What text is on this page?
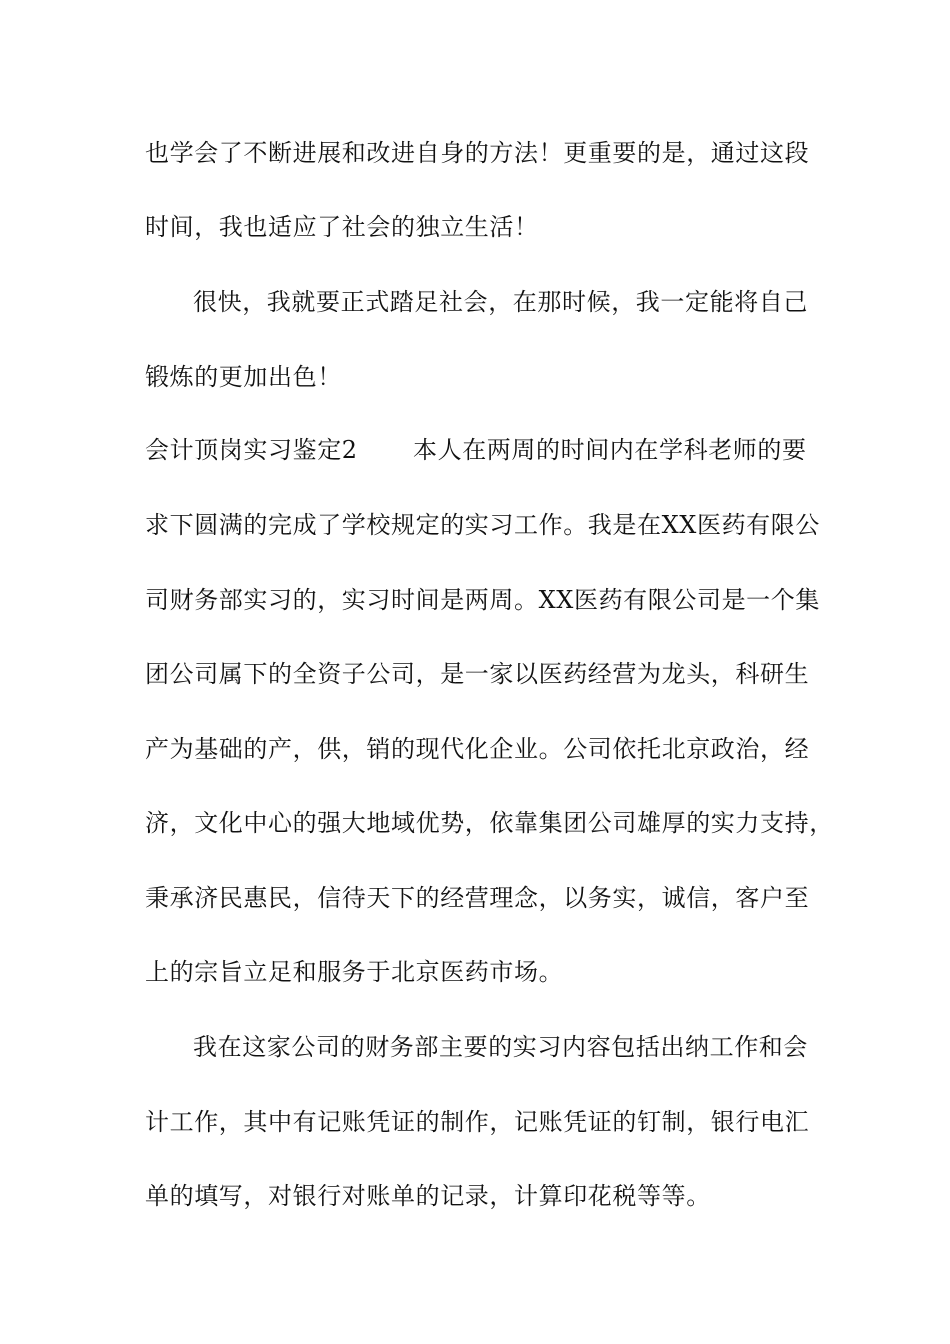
也学会了不断进展和改进自身的方法！更重要的是，通过这段
时间，我也适应了社会的独立生活！
很快，我就要正式踏足社会，在那时候，我一定能将自己
锻炼的更加出色！
会计顶岗实习鉴定2 本人在两周的时间内在学科老师的要
求下圆满的完成了学校规定的实习工作。我是在XX医药有限公
司财务部实习的，实习时间是两周。XX医药有限公司是一个集
团公司属下的全资子公司，是一家以医药经营为龙头，科研生
产为基础的产，供，销的现代化企业。公司依托北京政治，经
济，文化中心的强大地域优势，依靠集团公司雄厚的实力支持，
秉承济民惠民，信待天下的经营理念，以务实，诚信，客户至
上的宗旨立足和服务于北京医药市场。
我在这家公司的财务部主要的实习内容包括出纳工作和会
计工作，其中有记账凭证的制作，记账凭证的钉制，银行电汇
单的填写，对银行对账单的记录，计算印花税等等。
